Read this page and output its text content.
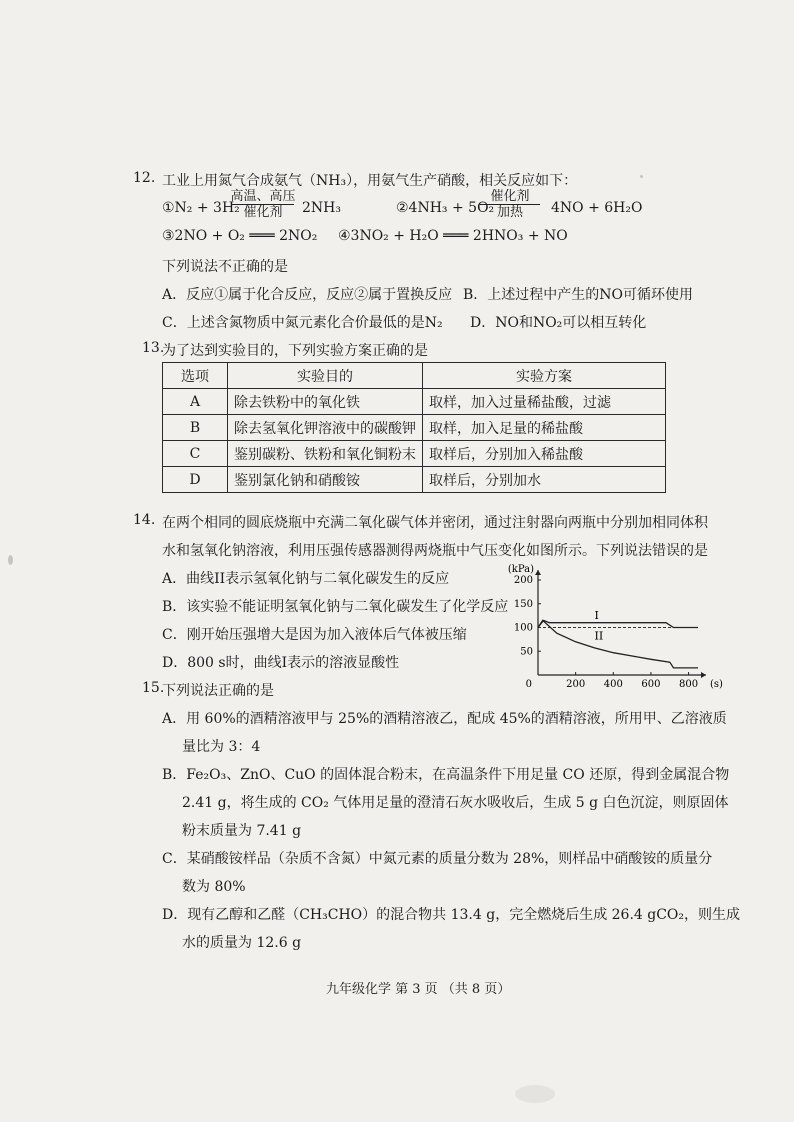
12. 工业上用氮气合成氨气（NH₃），用氨气生产硝酸，相关反应如下：
①N₂ + 3H₂
高温、高压
催化剂	2NH₃	②4NH₃ + 5O₂
催化剂
加热	4NO + 6H₂O
③2NO + O₂ ═══ 2NO₂ ④3NO₂ + H₂O ═══ 2HNO₃ + NO
下列说法不正确的是
A．反应①属于化合反应，反应②属于置换反应 B．上述过程中产生的NO可循环使用
C．上述含氮物质中氮元素化合价最低的是N₂ D．NO和NO₂可以相互转化
13.
为了达到实验目的，下列实验方案正确的是
选项	实验目的	实验方案
A	除去铁粉中的氧化铁	取样，加入过量稀盐酸，过滤
B	除去氢氧化钾溶液中的碳酸钾	取样，加入足量的稀盐酸
C	鉴别碳粉、铁粉和氧化铜粉末	取样后，分别加入稀盐酸
D	鉴别氯化钠和硝酸铵	取样后，分别加水
14. 在两个相同的圆底烧瓶中充满二氧化碳气体并密闭，通过注射器向两瓶中分别加相同体积
水和氢氧化钠溶液，利用压强传感器测得两烧瓶中气压变化如图所示。下列说法错误的是
A．曲线II表示氢氧化钠与二氧化碳发生的反应
B．该实验不能证明氢氧化钠与二氧化碳发生了化学反应
C．刚开始压强增大是因为加入液体后气体被压缩
D．800 s时，曲线I表示的溶液显酸性
(kPa)
(s)
0	200 400 600 800
50
100
150
200
I
II
15.
下列说法正确的是
A．用 60%的酒精溶液甲与 25%的酒精溶液乙，配成 45%的酒精溶液，所用甲、乙溶液质
量比为 3：4
B．Fe₂O₃、ZnO、CuO 的固体混合粉末，在高温条件下用足量 CO 还原，得到金属混合物
2.41 g，将生成的 CO₂ 气体用足量的澄清石灰水吸收后，生成 5 g 白色沉淀，则原固体
粉末质量为 7.41 g
C．某硝酸铵样品（杂质不含氮）中氮元素的质量分数为 28%，则样品中硝酸铵的质量分
数为 80%
D．现有乙醇和乙醛（CH₃CHO）的混合物共 13.4 g，完全燃烧后生成 26.4 gCO₂，则生成
水的质量为 12.6 g
九年级化学 第 3 页 （共 8 页）
